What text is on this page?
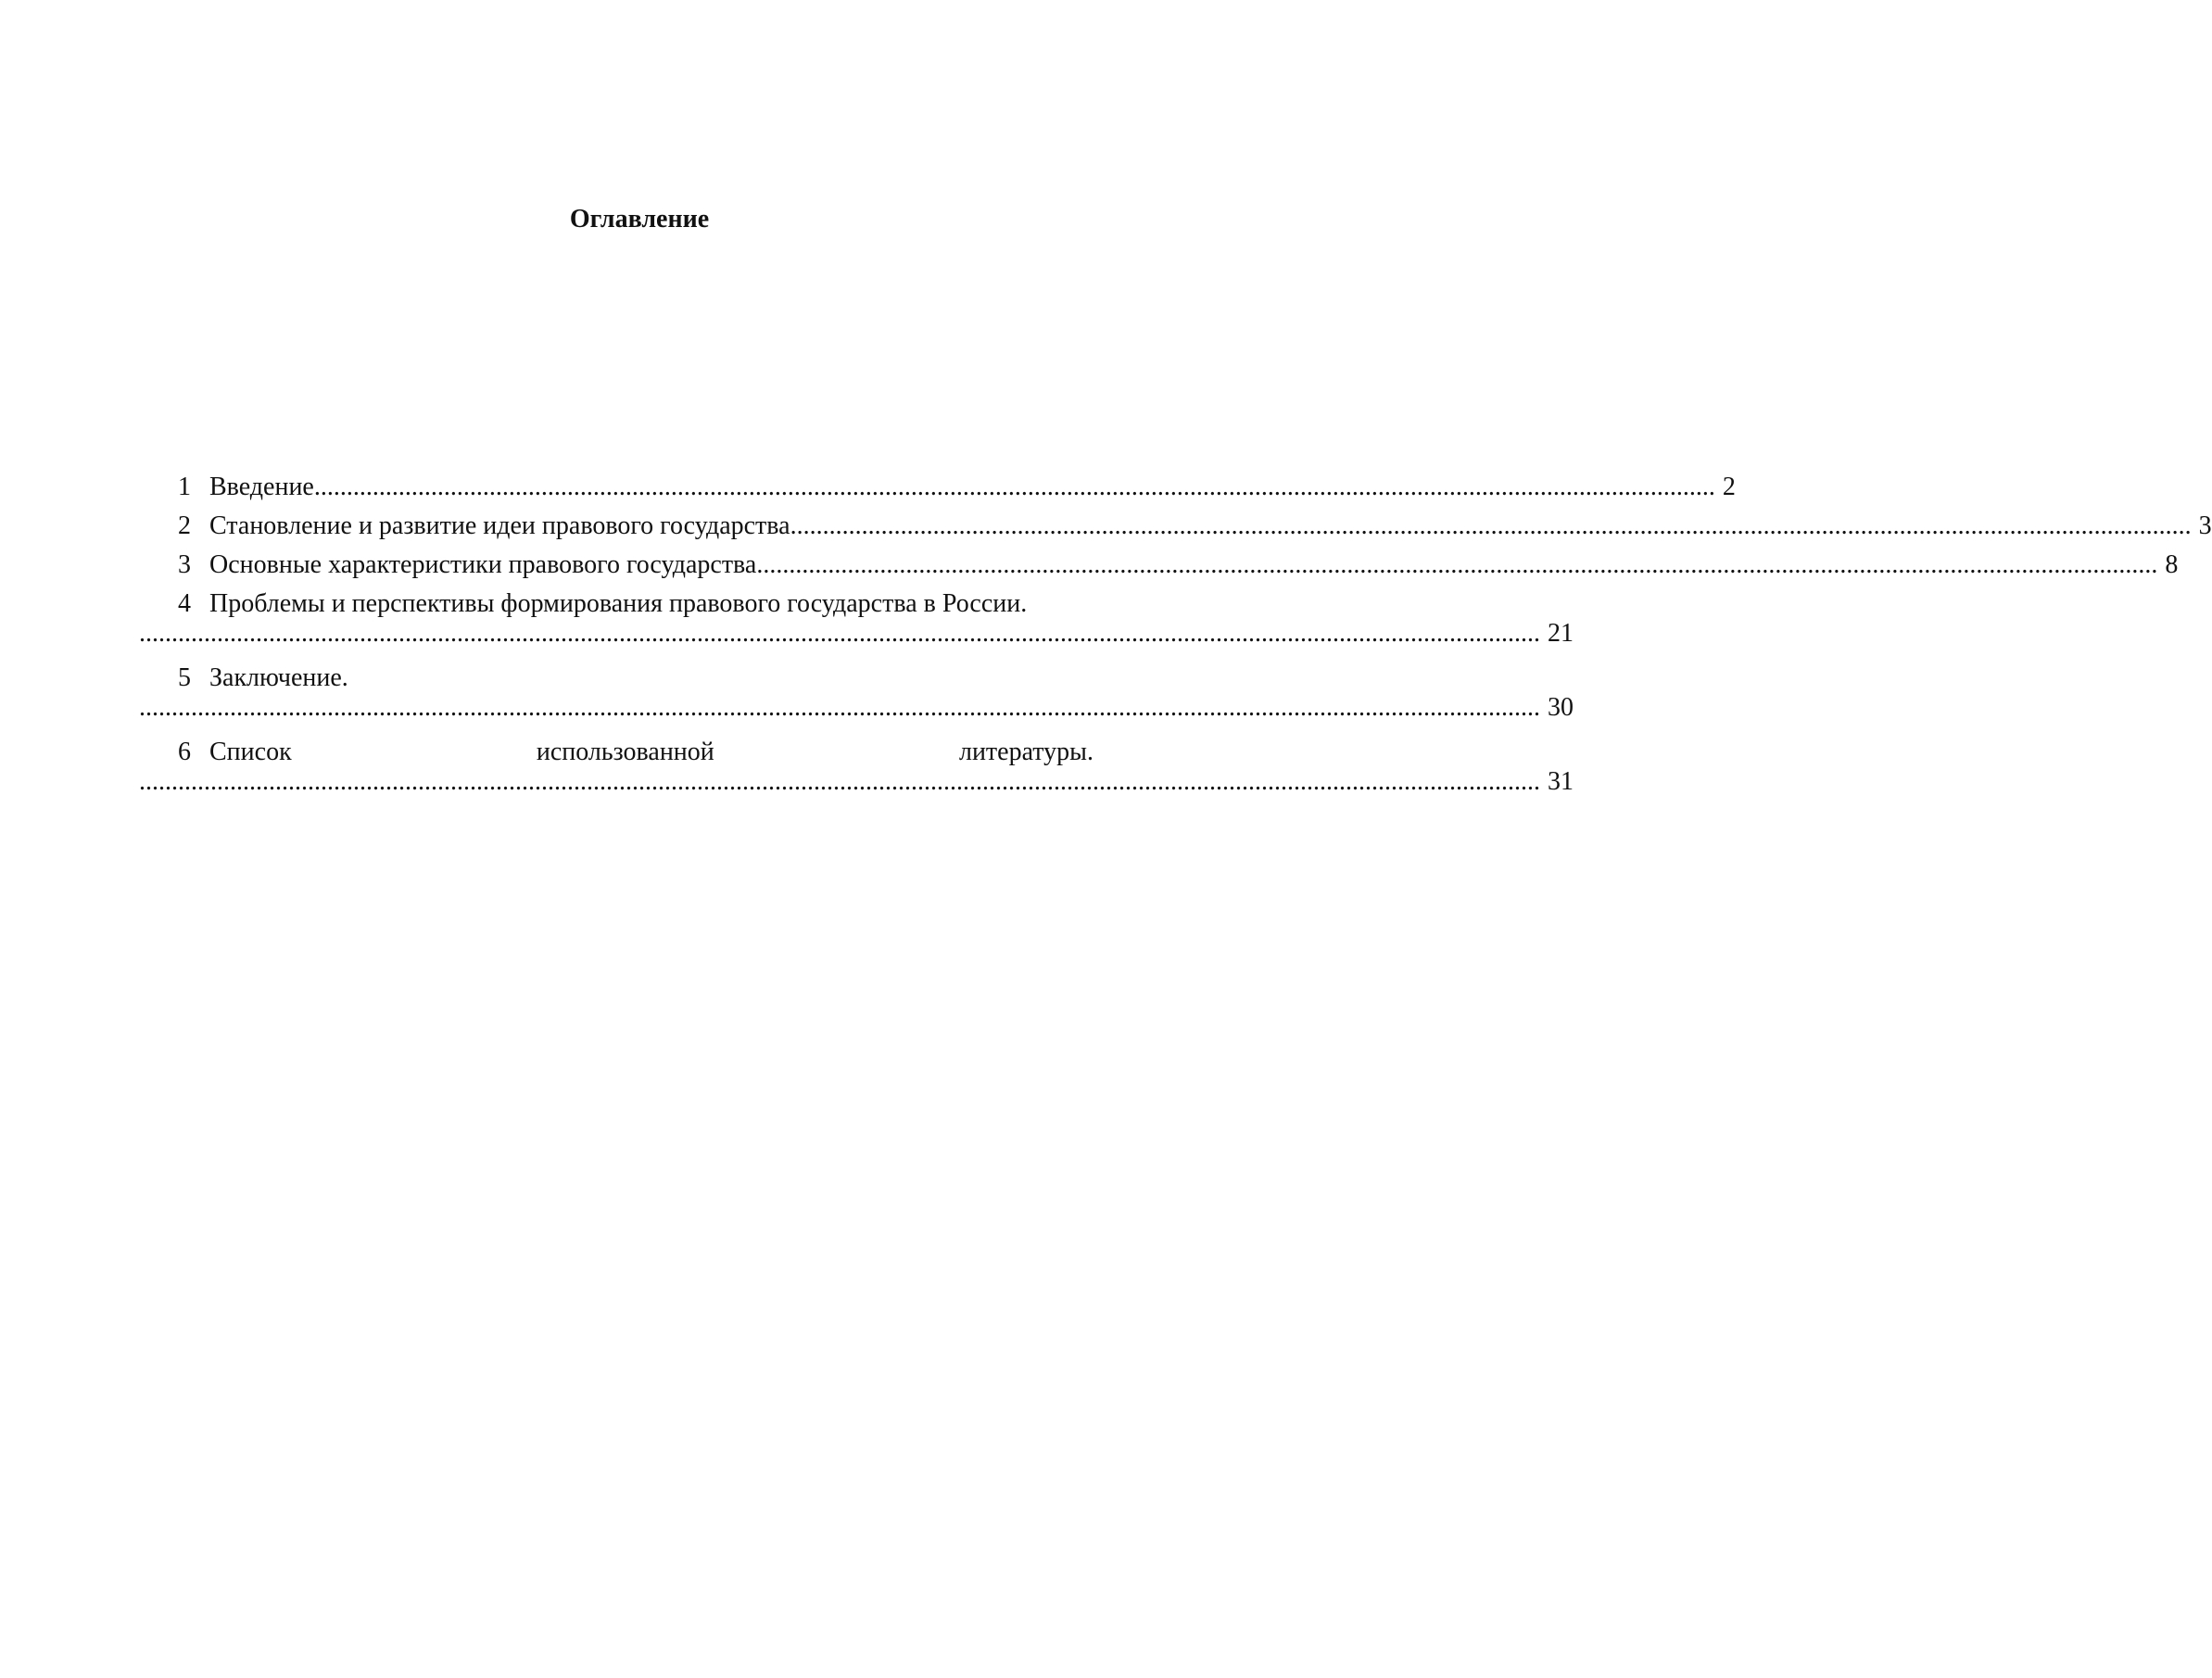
Оглавление
1 Введение ........................................................................................................................................................................................................................ 2
2 Становление и развитие идеи правового государства ........................................................................................................................................................................................................................ 3
3 Основные характеристики правового государства ........................................................................................................................................................................................................................ 8
4 Проблемы и перспективы формирования правового государства в России.
........................................................................................................................................................................................................................ 21
5 Заключение.
........................................................................................................................................................................................................................ 30
6 Список	использованной	литературы.
........................................................................................................................................................................................................................ 31
